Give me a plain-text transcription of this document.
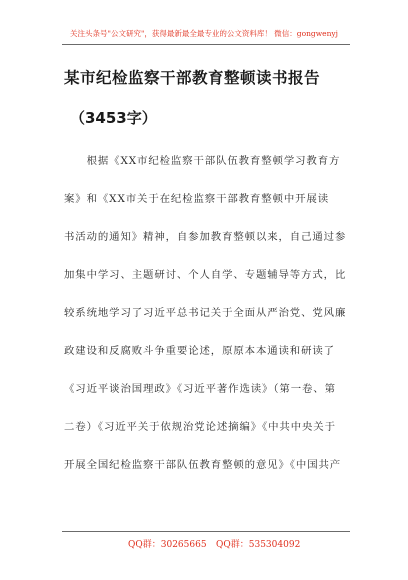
关注头条号"公文研究"，获得最新最全最专业的公文资料库！ 微信：gongwenyj
某市纪检监察干部教育整顿读书报告
（3453字）
　　根据《XX市纪检监察干部队伍教育整顿学习教育方
案》和《XX市关于在纪检监察干部教育整顿中开展读
书活动的通知》精神，自参加教育整顿以来，自己通过参
加集中学习、主题研讨、个人自学、专题辅导等方式，比
较系统地学习了习近平总书记关于全面从严治党、党风廉
政建设和反腐败斗争重要论述，原原本本通读和研读了
《习近平谈治国理政》《习近平著作选读》（第一卷、第
二卷）《习近平关于依规治党论述摘编》《中共中央关于
开展全国纪检监察干部队伍教育整顿的意见》《中国共产
QQ群：30265665 QQ群：535304092
